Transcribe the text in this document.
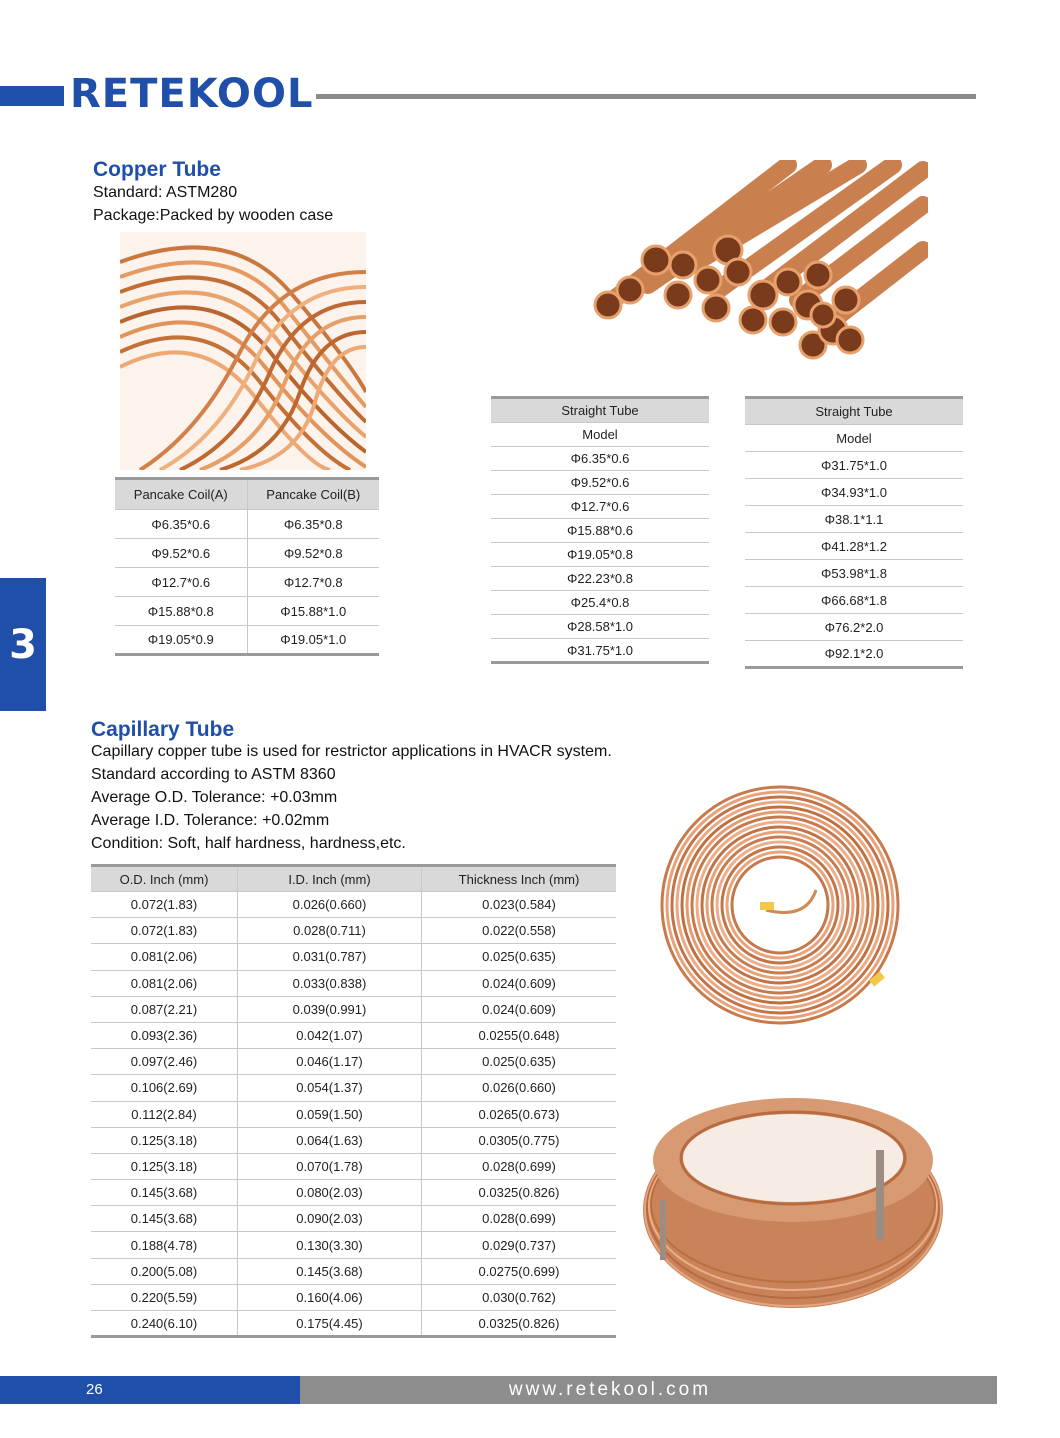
RETEKOOL
3
Copper Tube
Standard: ASTM280
Package:Packed by wooden case
Pancake Coil(A)	Pancake Coil(B)
Φ6.35*0.6	Φ6.35*0.8
Φ9.52*0.6	Φ9.52*0.8
Φ12.7*0.6	Φ12.7*0.8
Φ15.88*0.8	Φ15.88*1.0
Φ19.05*0.9	Φ19.05*1.0
Straight Tube
Model
Φ6.35*0.6
Φ9.52*0.6
Φ12.7*0.6
Φ15.88*0.6
Φ19.05*0.8
Φ22.23*0.8
Φ25.4*0.8
Φ28.58*1.0
Φ31.75*1.0
Straight Tube
Model
Φ31.75*1.0
Φ34.93*1.0
Φ38.1*1.1
Φ41.28*1.2
Φ53.98*1.8
Φ66.68*1.8
Φ76.2*2.0
Φ92.1*2.0
Capillary Tube
Capillary copper tube is used for restrictor applications in HVACR system.
Standard according to ASTM 8360
Average O.D. Tolerance: +0.03mm
Average I.D. Tolerance: +0.02mm
Condition: Soft, half hardness, hardness,etc.
O.D. Inch (mm)	I.D. Inch (mm)	Thickness Inch (mm)
0.072(1.83)	0.026(0.660)	0.023(0.584)
0.072(1.83)	0.028(0.711)	0.022(0.558)
0.081(2.06)	0.031(0.787)	0.025(0.635)
0.081(2.06)	0.033(0.838)	0.024(0.609)
0.087(2.21)	0.039(0.991)	0.024(0.609)
0.093(2.36)	0.042(1.07)	0.0255(0.648)
0.097(2.46)	0.046(1.17)	0.025(0.635)
0.106(2.69)	0.054(1.37)	0.026(0.660)
0.112(2.84)	0.059(1.50)	0.0265(0.673)
0.125(3.18)	0.064(1.63)	0.0305(0.775)
0.125(3.18)	0.070(1.78)	0.028(0.699)
0.145(3.68)	0.080(2.03)	0.0325(0.826)
0.145(3.68)	0.090(2.03)	0.028(0.699)
0.188(4.78)	0.130(3.30)	0.029(0.737)
0.200(5.08)	0.145(3.68)	0.0275(0.699)
0.220(5.59)	0.160(4.06)	0.030(0.762)
0.240(6.10)	0.175(4.45)	0.0325(0.826)
26	www.retekool.com
